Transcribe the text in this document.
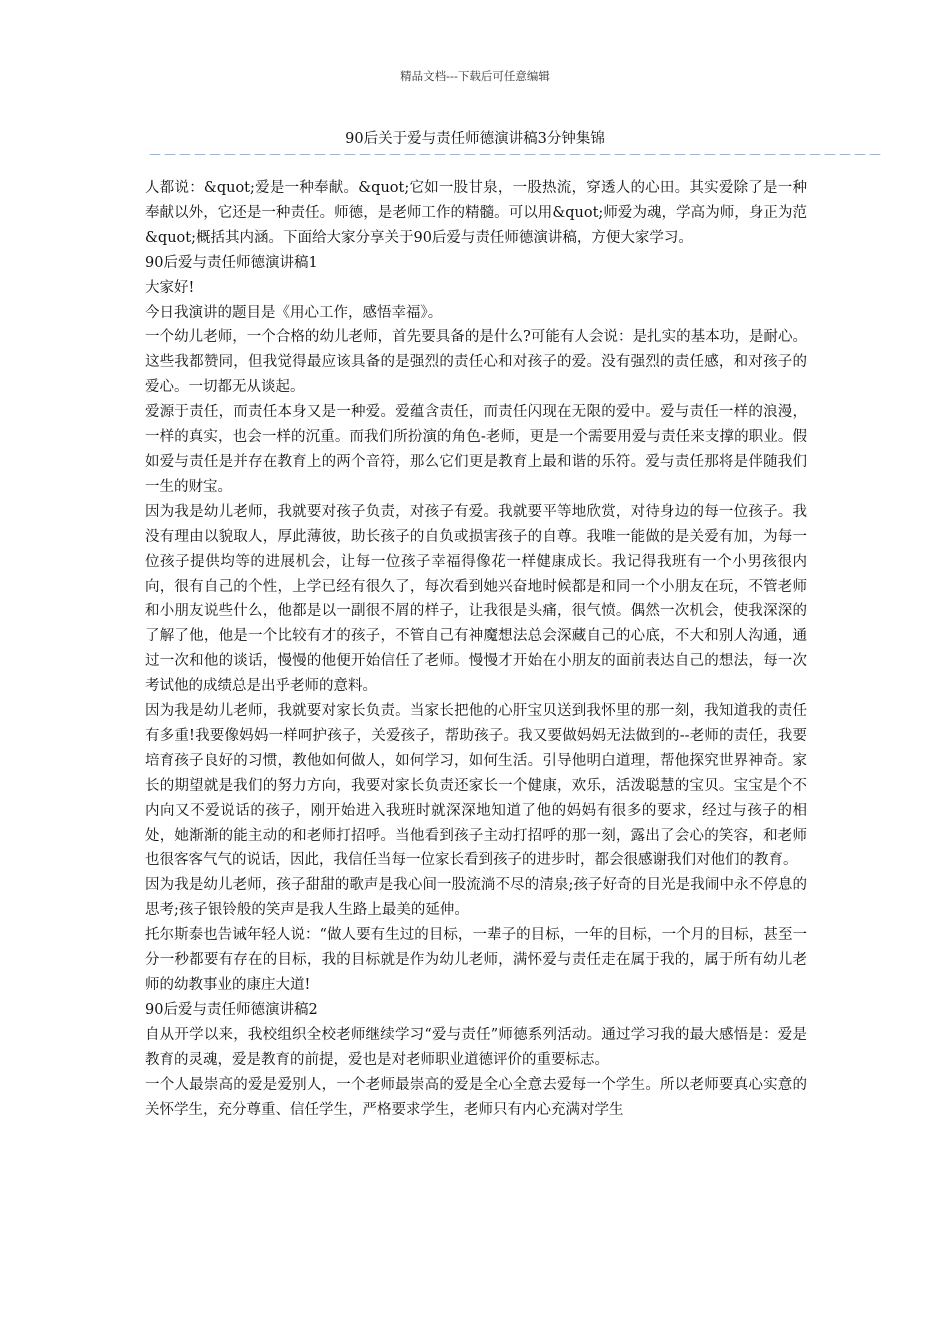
精品文档---下载后可任意编辑
90后关于爱与责任师德演讲稿3分钟集锦
－－－－－－－－－－－－－－－－－－－－－－－－－－－－－－－－－－－－－－－－－－－－－－－－－

人都说：&quot;爱是一种奉献。&quot;它如一股甘泉，一股热流，穿透人的心田。其实爱除了是一种奉献以外，它还是一种责任。师德，是老师工作的精髓。可以用&quot;师爱为魂，学高为师，身正为范&quot;概括其内涵。下面给大家分享关于90后爱与责任师德演讲稿，方便大家学习。

90后爱与责任师德演讲稿1

大家好!

今日我演讲的题目是《用心工作，感悟幸福》。

一个幼儿老师，一个合格的幼儿老师，首先要具备的是什么?可能有人会说：是扎实的基本功，是耐心。这些我都赞同，但我觉得最应该具备的是强烈的责任心和对孩子的爱。没有强烈的责任感，和对孩子的爱心。一切都无从谈起。

爱源于责任，而责任本身又是一种爱。爱蕴含责任，而责任闪现在无限的爱中。爱与责任一样的浪漫，一样的真实，也会一样的沉重。而我们所扮演的角色-老师，更是一个需要用爱与责任来支撑的职业。假如爱与责任是并存在教育上的两个音符，那么它们更是教育上最和谐的乐符。爱与责任那将是伴随我们一生的财宝。

因为我是幼儿老师，我就要对孩子负责，对孩子有爱。我就要平等地欣赏，对待身边的每一位孩子。我没有理由以貌取人，厚此薄彼，助长孩子的自负或损害孩子的自尊。我唯一能做的是关爱有加，为每一位孩子提供均等的进展机会，让每一位孩子幸福得像花一样健康成长。我记得我班有一个小男孩很内向，很有自己的个性，上学已经有很久了，每次看到她兴奋地时候都是和同一个小朋友在玩，不管老师和小朋友说些什么，他都是以一副很不屑的样子，让我很是头痛，很气愤。偶然一次机会，使我深深的了解了他，他是一个比较有才的孩子，不管自己有神魔想法总会深藏自己的心底，不大和别人沟通，通过一次和他的谈话，慢慢的他便开始信任了老师。慢慢才开始在小朋友的面前表达自己的想法，每一次考试他的成绩总是出乎老师的意料。

因为我是幼儿老师，我就要对家长负责。当家长把他的心肝宝贝送到我怀里的那一刻，我知道我的责任有多重!我要像妈妈一样呵护孩子，关爱孩子，帮助孩子。我又要做妈妈无法做到的--老师的责任，我要培育孩子良好的习惯，教他如何做人，如何学习，如何生活。引导他明白道理，帮他探究世界神奇。家长的期望就是我们的努力方向，我要对家长负责还家长一个健康，欢乐，活泼聪慧的宝贝。宝宝是个不内向又不爱说话的孩子，刚开始进入我班时就深深地知道了他的妈妈有很多的要求，经过与孩子的相处，她渐渐的能主动的和老师打招呼。当他看到孩子主动打招呼的那一刻，露出了会心的笑容，和老师也很客客气气的说话，因此，我信任当每一位家长看到孩子的进步时，都会很感谢我们对他们的教育。

因为我是幼儿老师，孩子甜甜的歌声是我心间一股流淌不尽的清泉;孩子好奇的目光是我闹中永不停息的思考;孩子银铃般的笑声是我人生路上最美的延伸。

托尔斯泰也告诫年轻人说：“做人要有生过的目标，一辈子的目标，一年的目标，一个月的目标，甚至一分一秒都要有存在的目标，我的目标就是作为幼儿老师，满怀爱与责任走在属于我的，属于所有幼儿老师的幼教事业的康庄大道!

90后爱与责任师德演讲稿2

自从开学以来，我校组织全校老师继续学习“爱与责任”师德系列活动。通过学习我的最大感悟是：爱是教育的灵魂，爱是教育的前提，爱也是对老师职业道德评价的重要标志。

一个人最崇高的爱是爱别人，一个老师最崇高的爱是全心全意去爱每一个学生。所以老师要真心实意的关怀学生，充分尊重、信任学生，严格要求学生，老师只有内心充满对学生
